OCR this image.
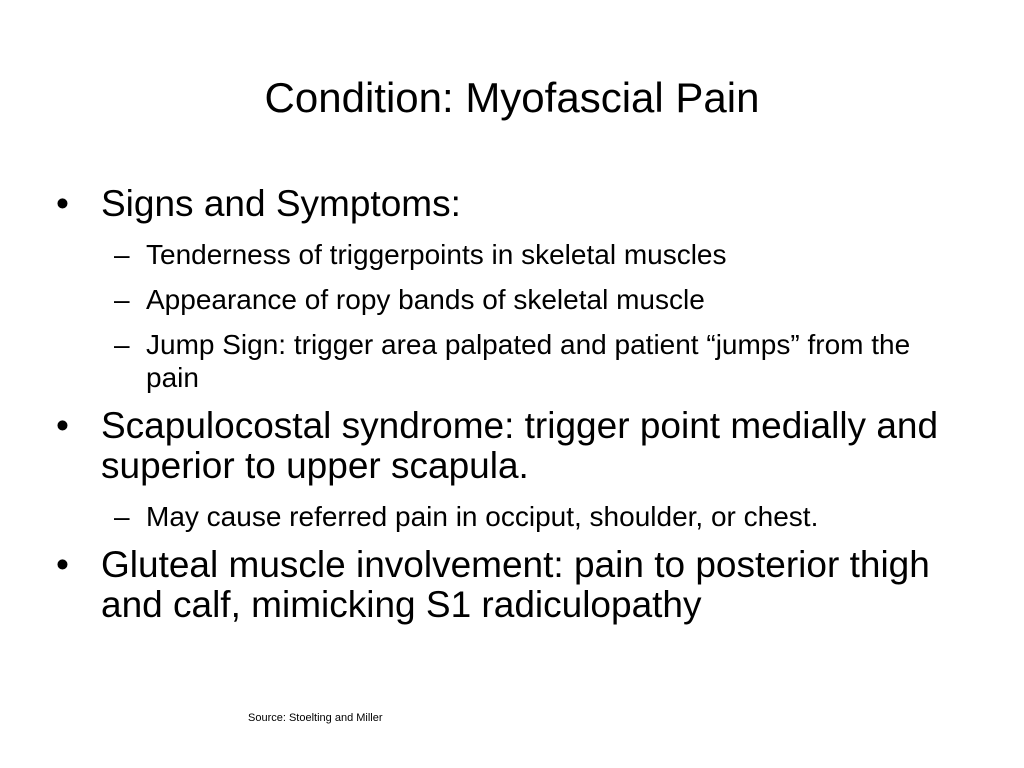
Condition: Myofascial Pain
• Signs and Symptoms:
– Tenderness of triggerpoints in skeletal muscles
– Appearance of ropy bands of skeletal muscle
– Jump Sign: trigger area palpated and patient “jumps” from the pain
• Scapulocostal syndrome: trigger point medially and superior to upper scapula.
– May cause referred pain in occiput, shoulder, or chest.
• Gluteal muscle involvement: pain to posterior thigh and calf, mimicking S1 radiculopathy
Source: Stoelting and Miller
